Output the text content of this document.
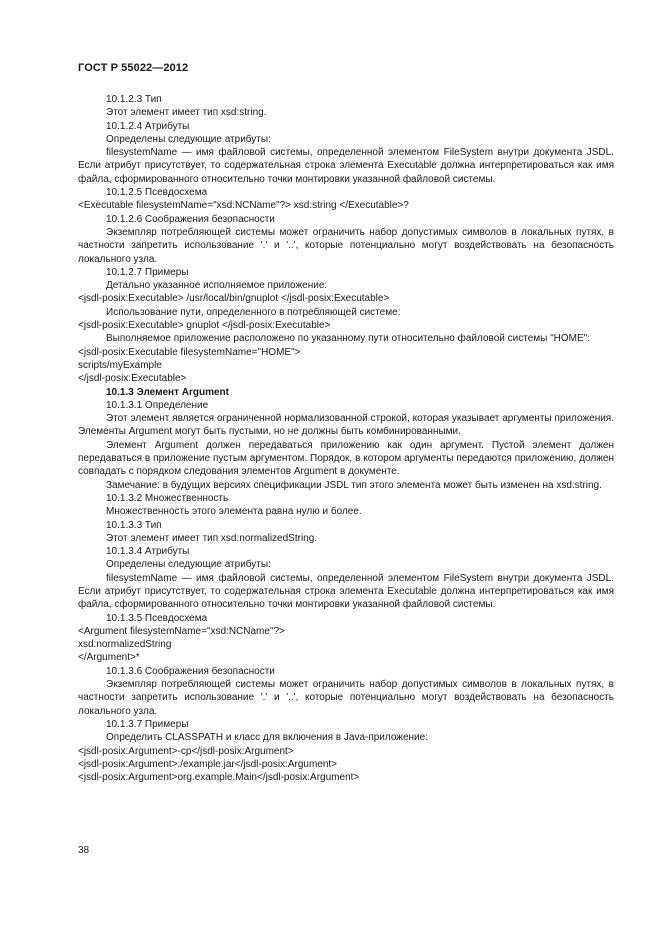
ГОСТ Р 55022—2012

10.1.2.3 Тип

Этот элемент имеет тип xsd:string.

10.1.2.4 Атрибуты

Определены следующие атрибуты:

filesystemName — имя файловой системы, определенной элементом FileSystem внутри документа JSDL. Если атрибут присутствует, то содержательная строка элемента Executable должна интерпретироваться как имя файла, сформированного относительно точки монтировки указанной файловой системы.

10.1.2.5 Псевдосхема

<Executable filesystemName="xsd:NCName"?> xsd:string </Executable>?

10.1.2.6 Соображения безопасности

Экземпляр потребляющей системы может ограничить набор допустимых символов в локальных путях, в частности запретить использование '.' и '..', которые потенциально могут воздействовать на безопасность локального узла.

10.1.2.7 Примеры

Детально указанное исполняемое приложение:

<jsdl-posix:Executable> /usr/local/bin/gnuplot </jsdl-posix:Executable>

Использование пути, определенного в потребляющей системе:

<jsdl-posix:Executable> gnuplot </jsdl-posix:Executable>

Выполняемое приложение расположено по указанному пути относительно файловой системы "HOME":

<jsdl-posix:Executable filesystemName="HOME">

scripts/myExample

</jsdl-posix:Executable>

10.1.3 Элемент Argument

10.1.3.1 Определение

Этот элемент является ограниченной нормализованной строкой, которая указывает аргументы приложения. Элементы Argument могут быть пустыми, но не должны быть комбинированными.

Элемент Argument должен передаваться приложению как один аргумент. Пустой элемент должен передаваться в приложение пустым аргументом. Порядок, в котором аргументы передаются приложению, должен совпадать с порядком следования элементов Argument в документе.

Замечание: в будущих версиях спецификации JSDL тип этого элемента может быть изменен на xsd:string.

10.1.3.2 Множественность

Множественность этого элемента равна нулю и более.

10.1.3.3 Тип

Этот элемент имеет тип xsd:normalizedString.

10.1.3.4 Атрибуты

Определены следующие атрибуты:

filesystemName — имя файловой системы, определенной элементом FileSystem внутри документа JSDL. Если атрибут присутствует, то содержательная строка элемента Executable должна интерпретироваться как имя файла, сформированного относительно точки монтировки указанной файловой системы.

10.1.3.5 Псевдосхема

<Argument filesystemName="xsd:NCName"?>

xsd:normalizedString

</Argument>*

10.1.3.6 Соображения безопасности

Экземпляр потребляющей системы может ограничить набор допустимых символов в локальных путях, в частности запретить использование '.' и '..', которые потенциально могут воздействовать на безопасность локального узла.

10.1.3.7 Примеры

Определить CLASSPATH и класс для включения в Java-приложение:

<jsdl-posix:Argument>-cp</jsdl-posix:Argument>

<jsdl-posix:Argument>./example.jar</jsdl-posix:Argument>

<jsdl-posix:Argument>org.example.Main</jsdl-posix:Argument>

38
